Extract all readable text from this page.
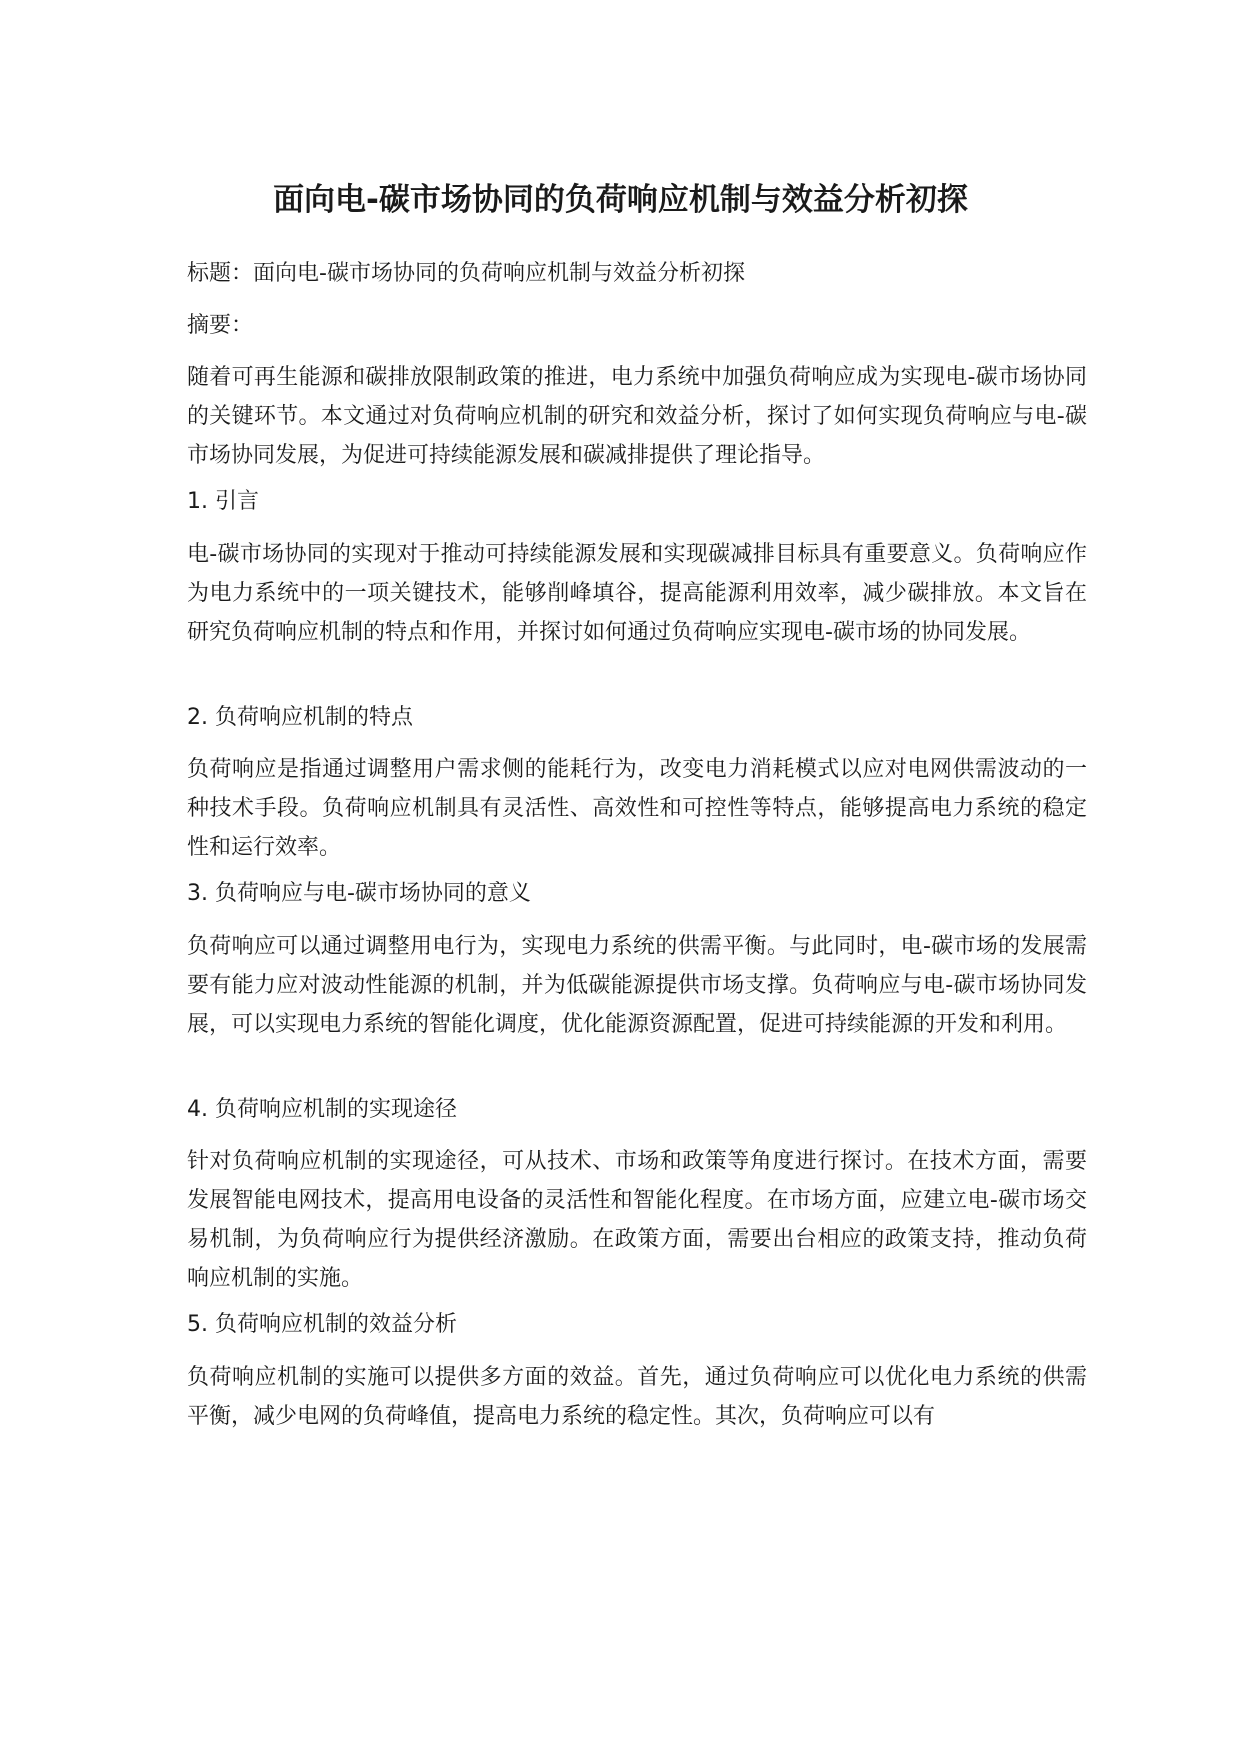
面向电-碳市场协同的负荷响应机制与效益分析初探

标题：面向电-碳市场协同的负荷响应机制与效益分析初探

摘要：

随着可再生能源和碳排放限制政策的推进，电力系统中加强负荷响应成为实现电-碳市场协同的关键环节。本文通过对负荷响应机制的研究和效益分析，探讨了如何实现负荷响应与电-碳市场协同发展，为促进可持续能源发展和碳减排提供了理论指导。

1. 引言

电-碳市场协同的实现对于推动可持续能源发展和实现碳减排目标具有重要意义。负荷响应作为电力系统中的一项关键技术，能够削峰填谷，提高能源利用效率，减少碳排放。本文旨在研究负荷响应机制的特点和作用，并探讨如何通过负荷响应实现电-碳市场的协同发展。

2. 负荷响应机制的特点

负荷响应是指通过调整用户需求侧的能耗行为，改变电力消耗模式以应对电网供需波动的一种技术手段。负荷响应机制具有灵活性、高效性和可控性等特点，能够提高电力系统的稳定性和运行效率。

3. 负荷响应与电-碳市场协同的意义

负荷响应可以通过调整用电行为，实现电力系统的供需平衡。与此同时，电-碳市场的发展需要有能力应对波动性能源的机制，并为低碳能源提供市场支撑。负荷响应与电-碳市场协同发展，可以实现电力系统的智能化调度，优化能源资源配置，促进可持续能源的开发和利用。

4. 负荷响应机制的实现途径

针对负荷响应机制的实现途径，可从技术、市场和政策等角度进行探讨。在技术方面，需要发展智能电网技术，提高用电设备的灵活性和智能化程度。在市场方面，应建立电-碳市场交易机制，为负荷响应行为提供经济激励。在政策方面，需要出台相应的政策支持，推动负荷响应机制的实施。

5. 负荷响应机制的效益分析

负荷响应机制的实施可以提供多方面的效益。首先，通过负荷响应可以优化电力系统的供需平衡，减少电网的负荷峰值，提高电力系统的稳定性。其次，负荷响应可以有
